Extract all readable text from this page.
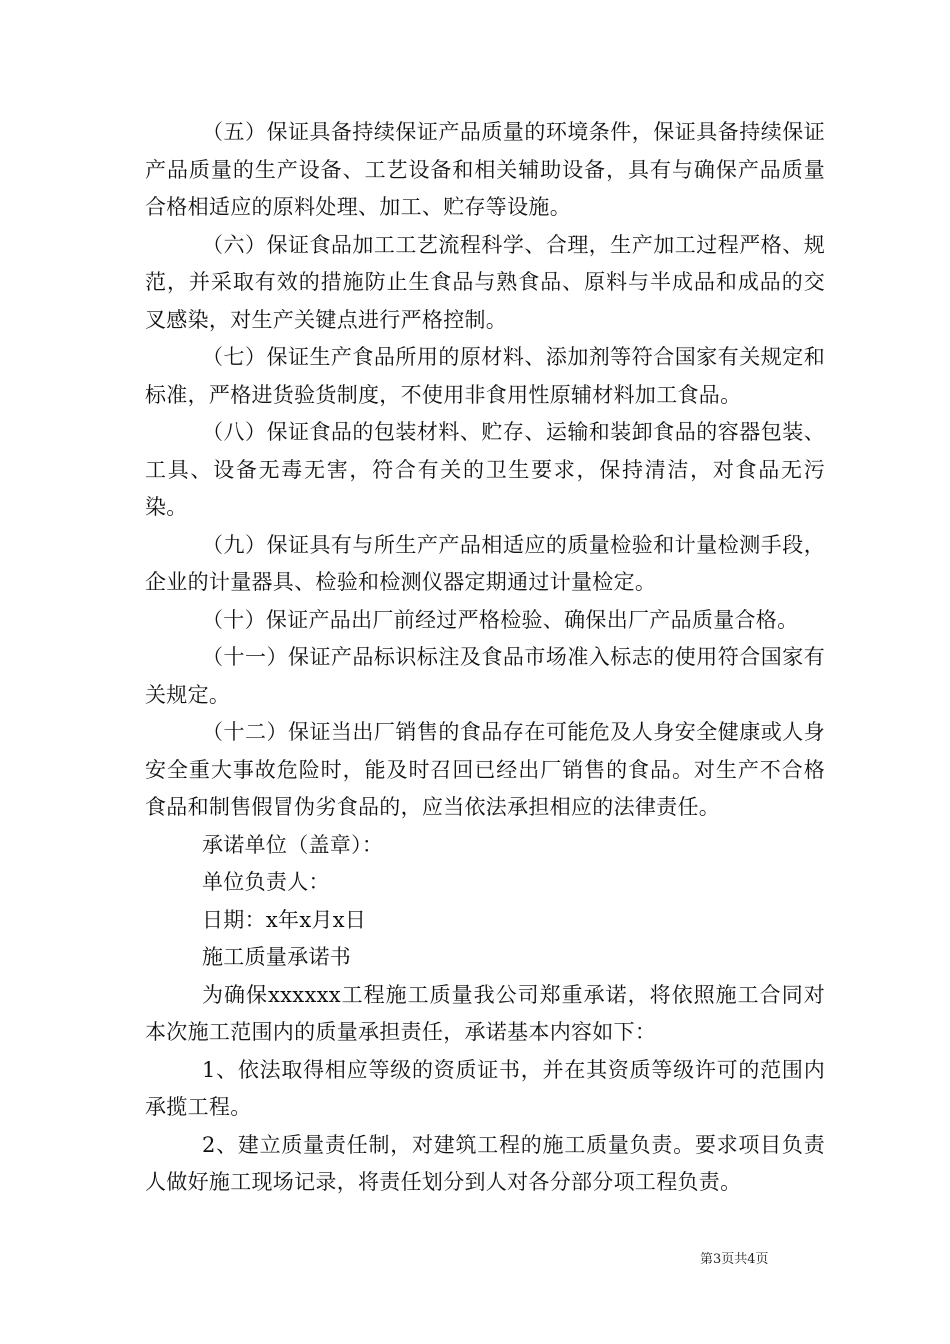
（五）保证具备持续保证产品质量的环境条件，保证具备持续保证产品质量的生产设备、工艺设备和相关辅助设备，具有与确保产品质量合格相适应的原料处理、加工、贮存等设施。

（六）保证食品加工工艺流程科学、合理，生产加工过程严格、规范，并采取有效的措施防止生食品与熟食品、原料与半成品和成品的交叉感染，对生产关键点进行严格控制。

（七）保证生产食品所用的原材料、添加剂等符合国家有关规定和标准，严格进货验货制度，不使用非食用性原辅材料加工食品。

（八）保证食品的包装材料、贮存、运输和装卸食品的容器包装、工具、设备无毒无害，符合有关的卫生要求，保持清洁，对食品无污染。

（九）保证具有与所生产产品相适应的质量检验和计量检测手段，企业的计量器具、检验和检测仪器定期通过计量检定。

（十）保证产品出厂前经过严格检验、确保出厂产品质量合格。

（十一）保证产品标识标注及食品市场准入标志的使用符合国家有关规定。

（十二）保证当出厂销售的食品存在可能危及人身安全健康或人身安全重大事故危险时，能及时召回已经出厂销售的食品。对生产不合格食品和制售假冒伪劣食品的，应当依法承担相应的法律责任。

承诺单位（盖章）：

单位负责人：

日期：x年x月x日

施工质量承诺书

为确保xxxxxx工程施工质量我公司郑重承诺，将依照施工合同对本次施工范围内的质量承担责任，承诺基本内容如下：

1、依法取得相应等级的资质证书，并在其资质等级许可的范围内承揽工程。

2、建立质量责任制，对建筑工程的施工质量负责。要求项目负责人做好施工现场记录，将责任划分到人对各分部分项工程负责。

第3页共4页
